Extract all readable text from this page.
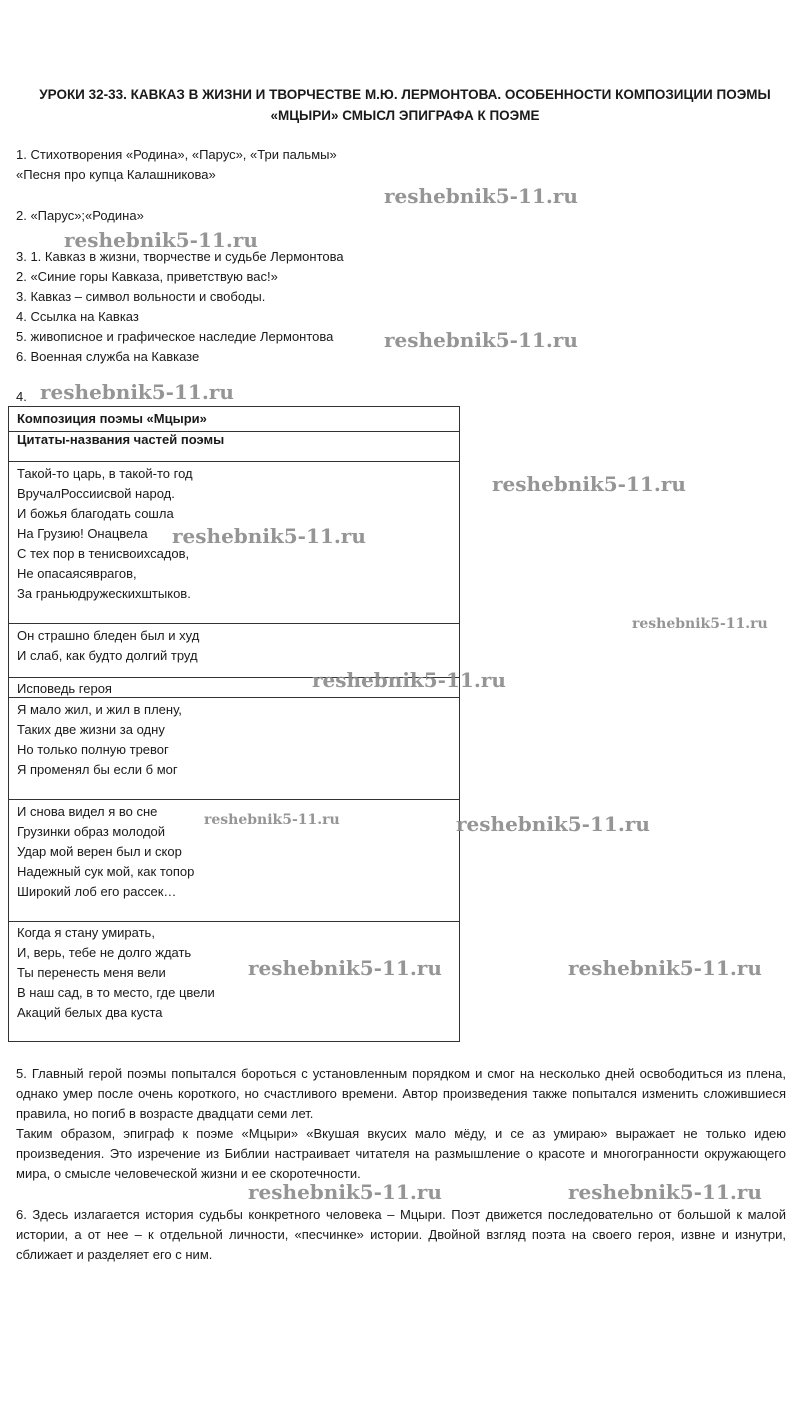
УРОКИ 32-33. КАВКАЗ В ЖИЗНИ И ТВОРЧЕСТВЕ М.Ю. ЛЕРМОНТОВА. ОСОБЕННОСТИ КОМПОЗИЦИИ ПОЭМЫ
«МЦЫРИ» СМЫСЛ ЭПИГРАФА К ПОЭМЕ
1. Стихотворения «Родина», «Парус», «Три пальмы»
«Песня про купца Калашникова»
2. «Парус»;«Родина»
3. 1. Кавказ в жизни, творчестве и судьбе Лермонтова
2. «Синие горы Кавказа, приветствую вас!»
3. Кавказ – символ вольности и свободы.
4. Ссылка на Кавказ
5. живописное и графическое наследие Лермонтова
6. Военная служба на Кавказе
4.
Композиция поэмы «Мцыри»
Цитаты-названия частей поэмы
Такой-то царь, в такой-то год
ВручалРоссиисвой народ.
И божья благодать сошла
На Грузию! Онацвела
С тех пор в тенисвоихсадов,
Не опасаясяврагов,
За граньюдружескихштыков.
Он страшно бледен был и худ
И слаб, как будто долгий труд
Исповедь героя
Я мало жил, и жил в плену,
Таких две жизни за одну
Но только полную тревог
Я променял бы если б мог
И снова видел я во сне
Грузинки образ молодой
Удар мой верен был и скор
Надежный сук мой, как топор
Широкий лоб его рассек…
Когда я стану умирать,
И, верь, тебе не долго ждать
Ты перенесть меня вели
В наш сад, в то место, где цвели
Акаций белых два куста
5. Главный герой поэмы попытался бороться с установленным порядком и смог на несколько дней освободиться из плена, однако умер после очень короткого, но счастливого времени. Автор произведения также попытался изменить сложившиеся правила, но погиб в возрасте двадцати семи лет.
Таким образом, эпиграф к поэме «Мцыри» «Вкушая вкусих мало мёду, и се аз умираю» выражает не только идею произведения. Это изречение из Библии настраивает читателя на размышление о красоте и многогранности окружающего мира, о смысле человеческой жизни и ее скоротечности.
6. Здесь излагается история судьбы конкретного человека – Мцыри. Поэт движется последовательно от большой к малой истории, а от нее – к отдельной личности, «песчинке» истории. Двойной взгляд поэта на своего героя, извне и изнутри, сближает и разделяет его с ним.
reshebnik5-11.ru
reshebnik5-11.ru
reshebnik5-11.ru
reshebnik5-11.ru
reshebnik5-11.ru
reshebnik5-11.ru
reshebnik5-11.ru
reshebnik5-11.ru
reshebnik5-11.ru	reshebnik5-11.ru
reshebnik5-11.ru	reshebnik5-11.ru
reshebnik5-11.ru	reshebnik5-11.ru
